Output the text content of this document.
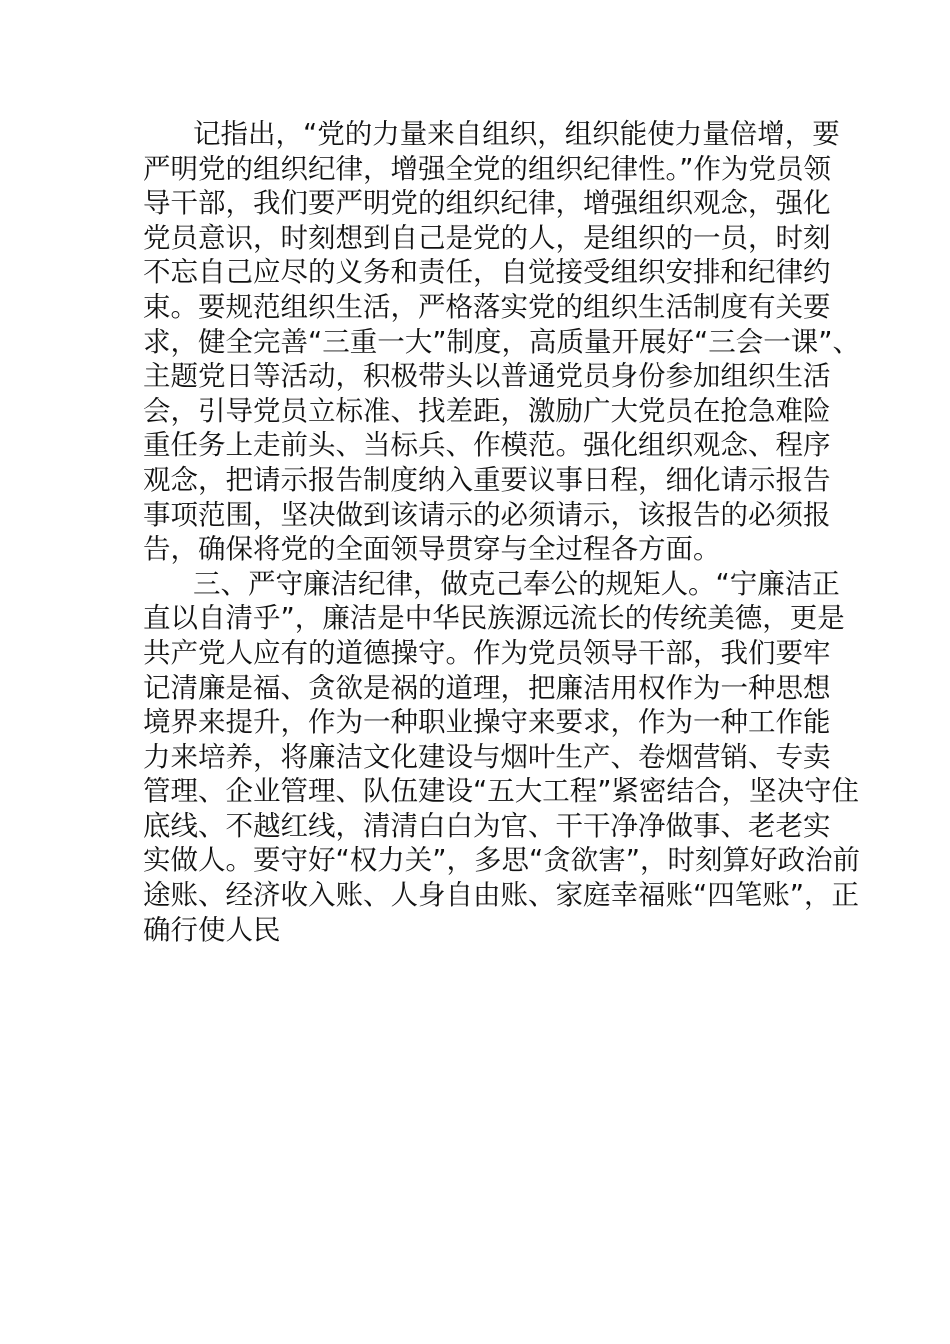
记指出，“党的力量来自组织，组织能使力量倍增，要
严明党的组织纪律，增强全党的组织纪律性。”作为党员领
导干部，我们要严明党的组织纪律，增强组织观念，强化
党员意识，时刻想到自己是党的人，是组织的一员，时刻
不忘自己应尽的义务和责任，自觉接受组织安排和纪律约
束。要规范组织生活，严格落实党的组织生活制度有关要
求，健全完善“三重一大”制度，高质量开展好“三会一课”、
主题党日等活动，积极带头以普通党员身份参加组织生活
会，引导党员立标准、找差距，激励广大党员在抢急难险
重任务上走前头、当标兵、作模范。强化组织观念、程序
观念，把请示报告制度纳入重要议事日程，细化请示报告
事项范围，坚决做到该请示的必须请示，该报告的必须报
告，确保将党的全面领导贯穿与全过程各方面。
三、严守廉洁纪律，做克己奉公的规矩人。“宁廉洁正
直以自清乎”，廉洁是中华民族源远流长的传统美德，更是
共产党人应有的道德操守。作为党员领导干部，我们要牢
记清廉是福、贪欲是祸的道理，把廉洁用权作为一种思想
境界来提升，作为一种职业操守来要求，作为一种工作能
力来培养，将廉洁文化建设与烟叶生产、卷烟营销、专卖
管理、企业管理、队伍建设“五大工程”紧密结合，坚决守住
底线、不越红线，清清白白为官、干干净净做事、老老实
实做人。要守好“权力关”，多思“贪欲害”，时刻算好政治前
途账、经济收入账、人身自由账、家庭幸福账“四笔账”，正
确行使人民
